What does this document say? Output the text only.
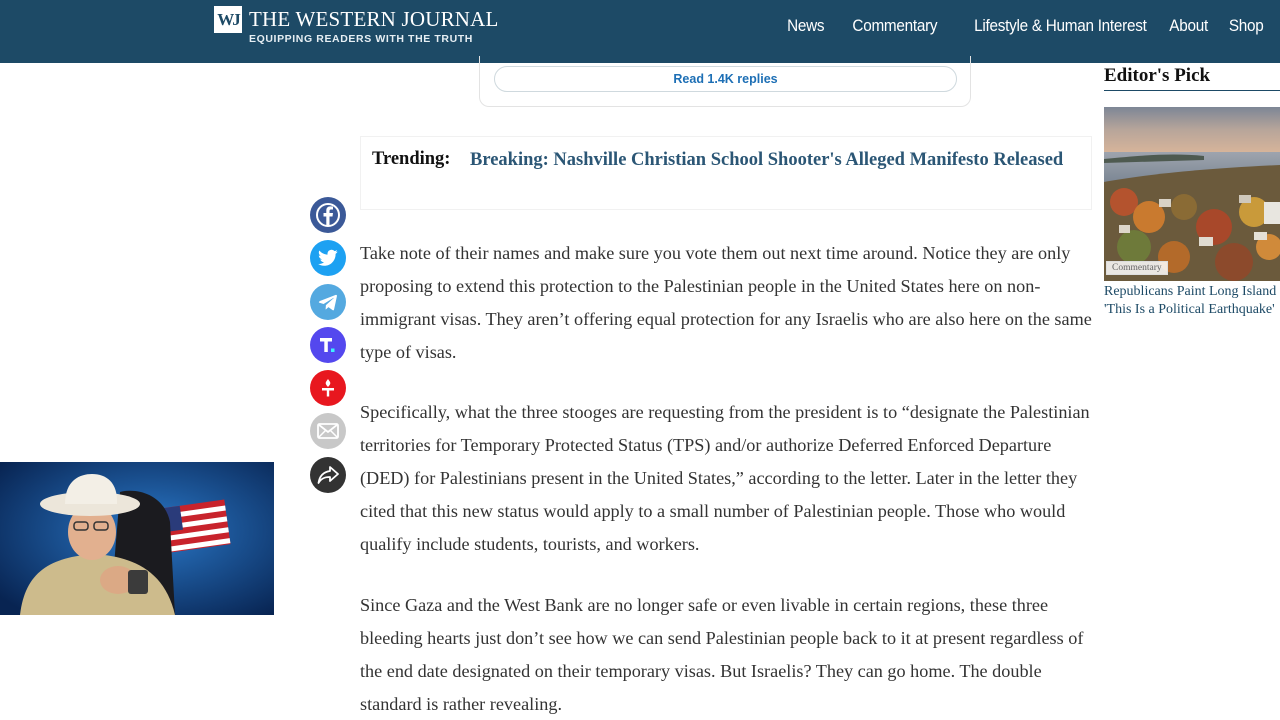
WJ THE WESTERN JOURNAL
EQUIPPING READERS WITH THE TRUTH
News Commentary Lifestyle & Human Interest About Shop
Read 1.4K replies
Trending: Breaking: Nashville Christian School Shooter's Alleged Manifesto Released

Take note of their names and make sure you vote them out next time around. Notice they are only proposing to extend this protection to the Palestinian people in the United States here on non-immigrant visas. They aren’t offering equal protection for any Israelis who are also here on the same type of visas.

Specifically, what the three stooges are requesting from the president is to “designate the Palestinian territories for Temporary Protected Status (TPS) and/or authorize Deferred Enforced Departure (DED) for Palestinians present in the United States,” according to the letter. Later in the letter they cited that this new status would apply to a small number of Palestinian people. Those who would qualify include students, tourists, and workers.

Since Gaza and the West Bank are no longer safe or even livable in certain regions, these three bleeding hearts just don’t see how we can send Palestinian people back to it at present regardless of the end date designated on their temporary visas. But Israelis? They can go home. The double standard is rather revealing.

Editor's Pick
Commentary
Republicans Paint Long Island
'This Is a Political Earthquake'
